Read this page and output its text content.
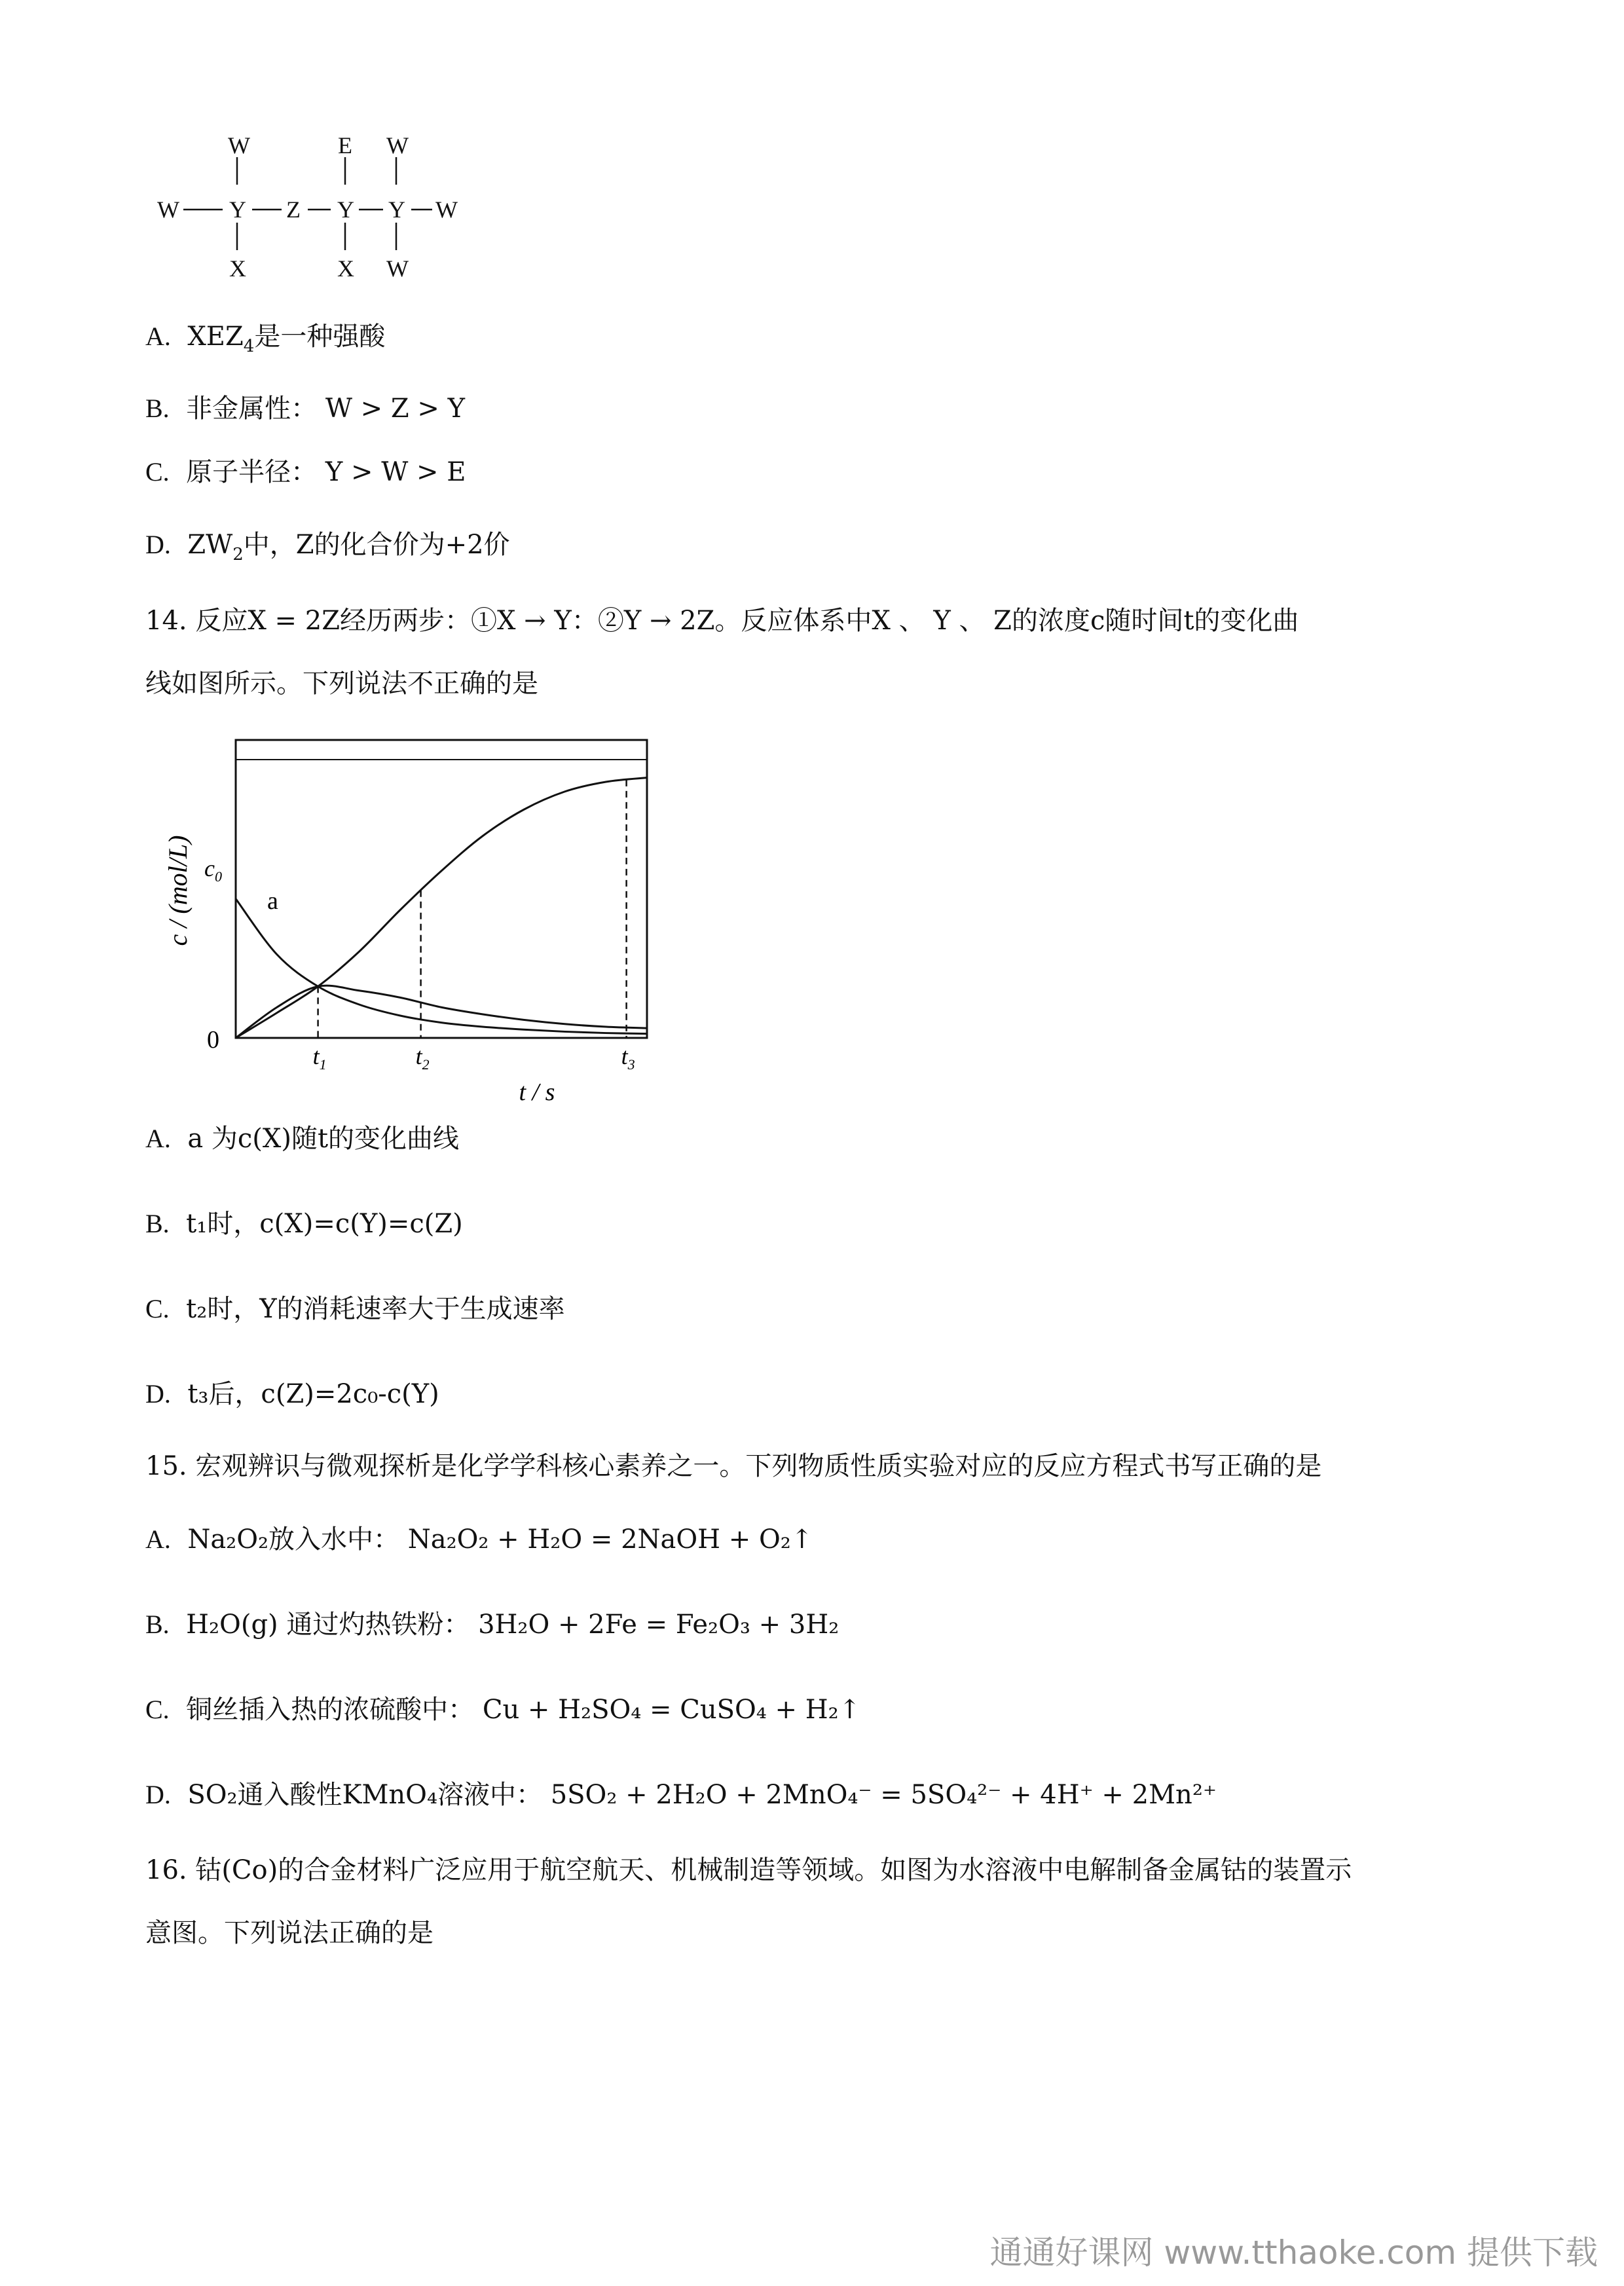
W	E W
W Y Z Y Y W
X	X W
A. $XEZ_4$是一种强酸
B. 非金属性： W > Z > Y
C. 原子半径： Y > W > E
D. $ZW_2$中，Z的化合价为+2价
14. 反应X = 2Z经历两步：①X → Y：②Y → 2Z。反应体系中X 、 Y 、 Z的浓度c随时间t的变化曲
线如图所示。下列说法不正确的是
c / (mol/L) $c_0$
a
0
t / s
$t_1$	$t_2$	$t_3$
A. a 为c(X)随t的变化曲线
B. t₁时，c(X)=c(Y)=c(Z)
C. t₂时，Y的消耗速率大于生成速率
D. t₃后，c(Z)=2c₀-c(Y)
15. 宏观辨识与微观探析是化学学科核心素养之一。下列物质性质实验对应的反应方程式书写正确的是
A. Na₂O₂放入水中： Na₂O₂ + H₂O = 2NaOH + O₂↑
B. H₂O(g) 通过灼热铁粉： 3H₂O + 2Fe = Fe₂O₃ + 3H₂
C. 铜丝插入热的浓硫酸中： Cu + H₂SO₄ = CuSO₄ + H₂↑
D. SO₂通入酸性KMnO₄溶液中： 5SO₂ + 2H₂O + 2MnO₄⁻ = 5SO₄²⁻ + 4H⁺ + 2Mn²⁺
16. 钴(Co)的合金材料广泛应用于航空航天、机械制造等领域。如图为水溶液中电解制备金属钴的装置示
意图。下列说法正确的是
通通好课网 www.tthaoke.com 提供下载
